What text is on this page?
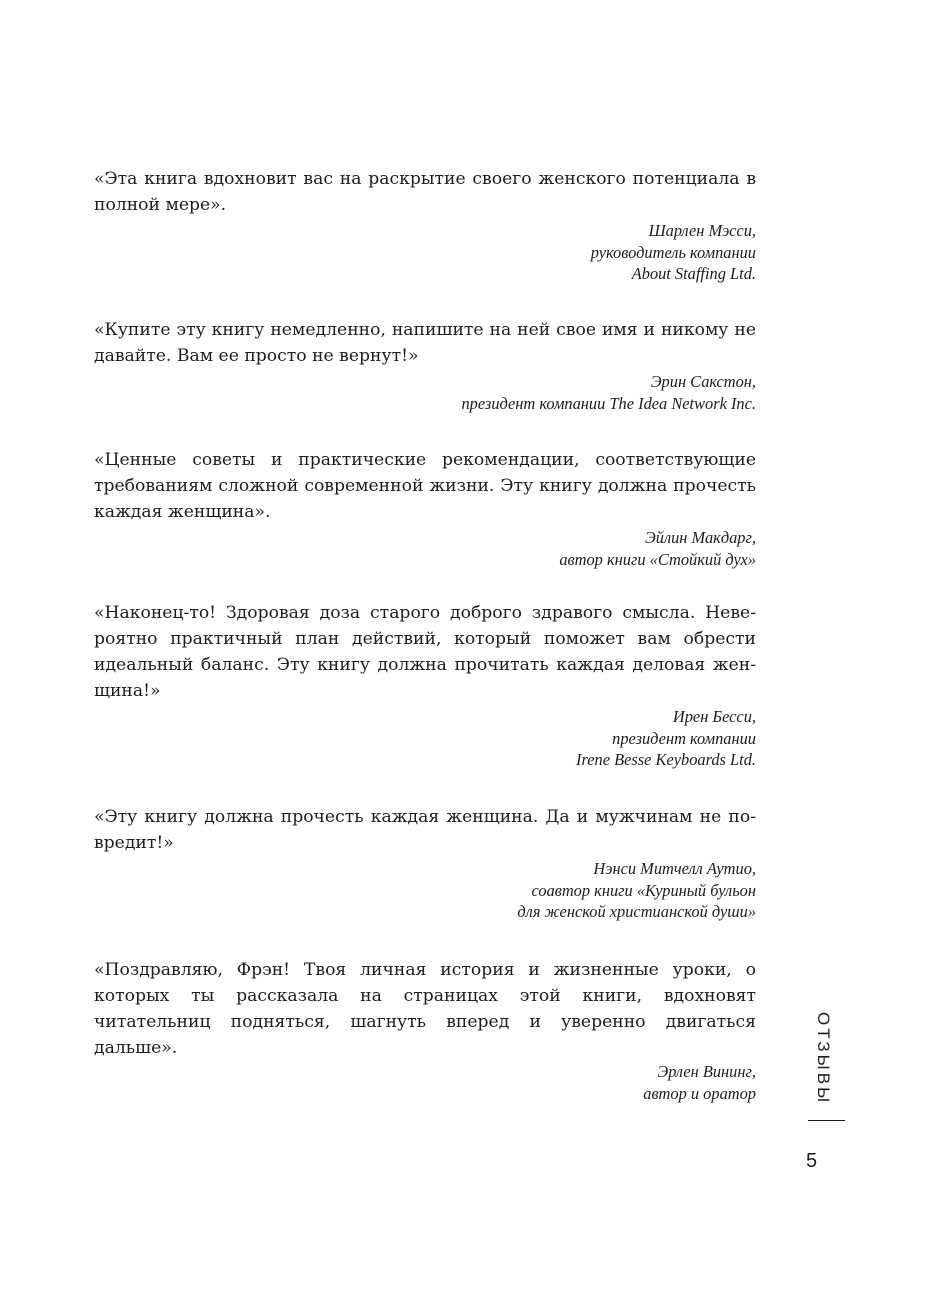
«Эта книга вдохновит вас на раскрытие своего женского потенциала в полной мере».
Шарлен Мэсси,
руководитель компании
About Staffing Ltd.
«Купите эту книгу немедленно, напишите на ней свое имя и никому не давайте. Вам ее просто не вернут!»
Эрин Сакстон,
президент компании The Idea Network Inc.
«Ценные советы и практические рекомендации, соответствующие требованиям сложной современной жизни. Эту книгу должна прочесть каждая женщина».
Эйлин Макдарг,
автор книги «Стойкий дух»
«Наконец-то! Здоровая доза старого доброго здравого смысла. Невероятно практичный план действий, который поможет вам обрести идеальный баланс. Эту книгу должна прочитать каждая деловая женщина!»
Ирен Бесси,
президент компании
Irene Besse Keyboards Ltd.
«Эту книгу должна прочесть каждая женщина. Да и мужчинам не повредит!»
Нэнси Митчелл Аутио,
соавтор книги «Куриный бульон
для женской христианской души»
«Поздравляю, Фрэн! Твоя личная история и жизненные уроки, о которых ты рассказала на страницах этой книги, вдохновят читательниц подняться, шагнуть вперед и уверенно двигаться дальше».
Эрлен Вининг,
автор и оратор	ОТЗЫВЫ
5
